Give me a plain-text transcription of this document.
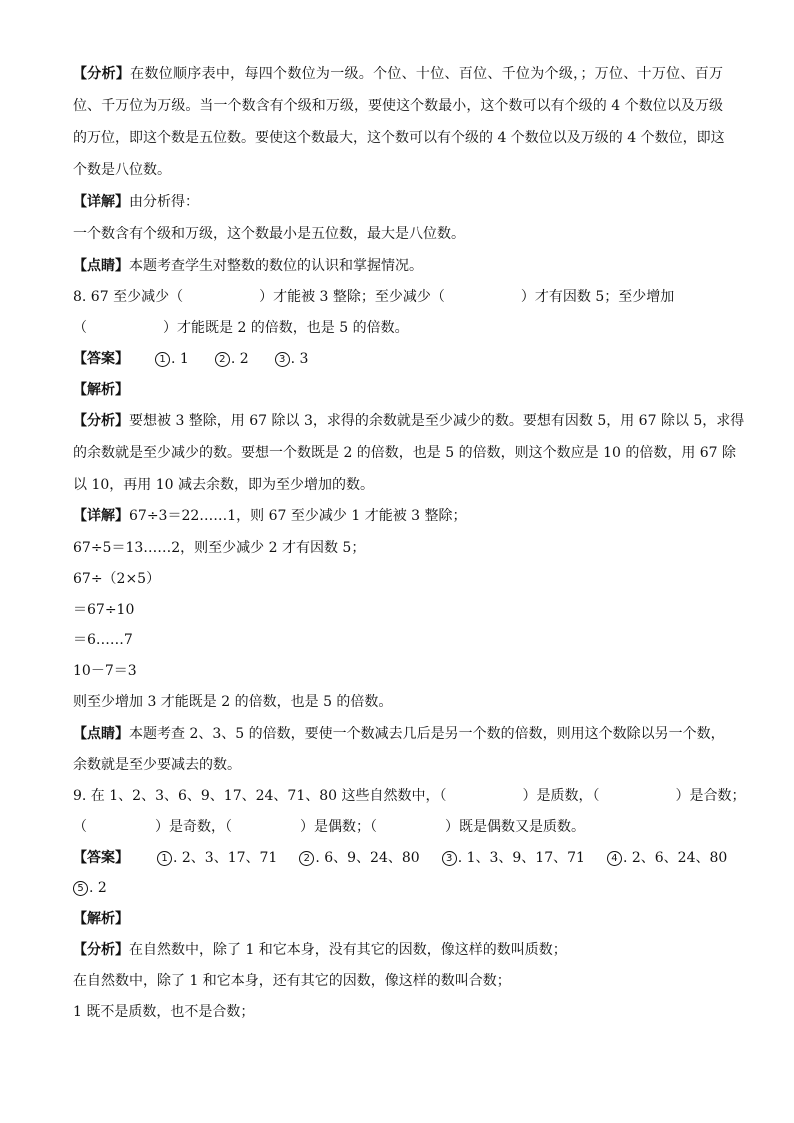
【分析】在数位顺序表中，每四个数位为一级。个位、十位、百位、千位为个级，；万位、十万位、百万
位、千万位为万级。当一个数含有个级和万级，要使这个数最小，这个数可以有个级的 4 个数位以及万级
的万位，即这个数是五位数。要使这个数最大，这个数可以有个级的 4 个数位以及万级的 4 个数位，即这
个数是八位数。
【详解】由分析得：
一个数含有个级和万级，这个数最小是五位数，最大是八位数。
【点睛】本题考查学生对整数的数位的认识和掌握情况。
8. 67 至少减少（	）才能被 3 整除；至少减少（	）才有因数 5；至少增加
（	）才能既是 2 的倍数，也是 5 的倍数。
【答案】	1 . 1	2 . 2	3 . 3
【解析】
【分析】要想被 3 整除，用 67 除以 3，求得的余数就是至少减少的数。要想有因数 5，用 67 除以 5，求得
的余数就是至少减少的数。要想一个数既是 2 的倍数，也是 5 的倍数，则这个数应是 10 的倍数，用 67 除
以 10，再用 10 减去余数，即为至少增加的数。
【详解】67÷3＝22……1，则 67 至少减少 1 才能被 3 整除；
67÷5＝13……2，则至少减少 2 才有因数 5；
67÷（2×5）
＝67÷10
＝6……7
10－7＝3
则至少增加 3 才能既是 2 的倍数，也是 5 的倍数。
【点睛】本题考查 2、3、5 的倍数，要使一个数减去几后是另一个数的倍数，则用这个数除以另一个数，
余数就是至少要减去的数。
9. 在 1、2、3、6、9、17、24、71、80 这些自然数中，（	）是质数，（	）是合数；
（	）是奇数，（	）是偶数；（	）既是偶数又是质数。
【答案】	1 . 2、3、17、71	2 . 6、9、24、80	3 . 1、3、9、17、71	4 . 2、6、24、80
5 . 2
【解析】
【分析】在自然数中，除了 1 和它本身，没有其它的因数，像这样的数叫质数；
在自然数中，除了 1 和它本身，还有其它的因数，像这样的数叫合数；
1 既不是质数，也不是合数；
